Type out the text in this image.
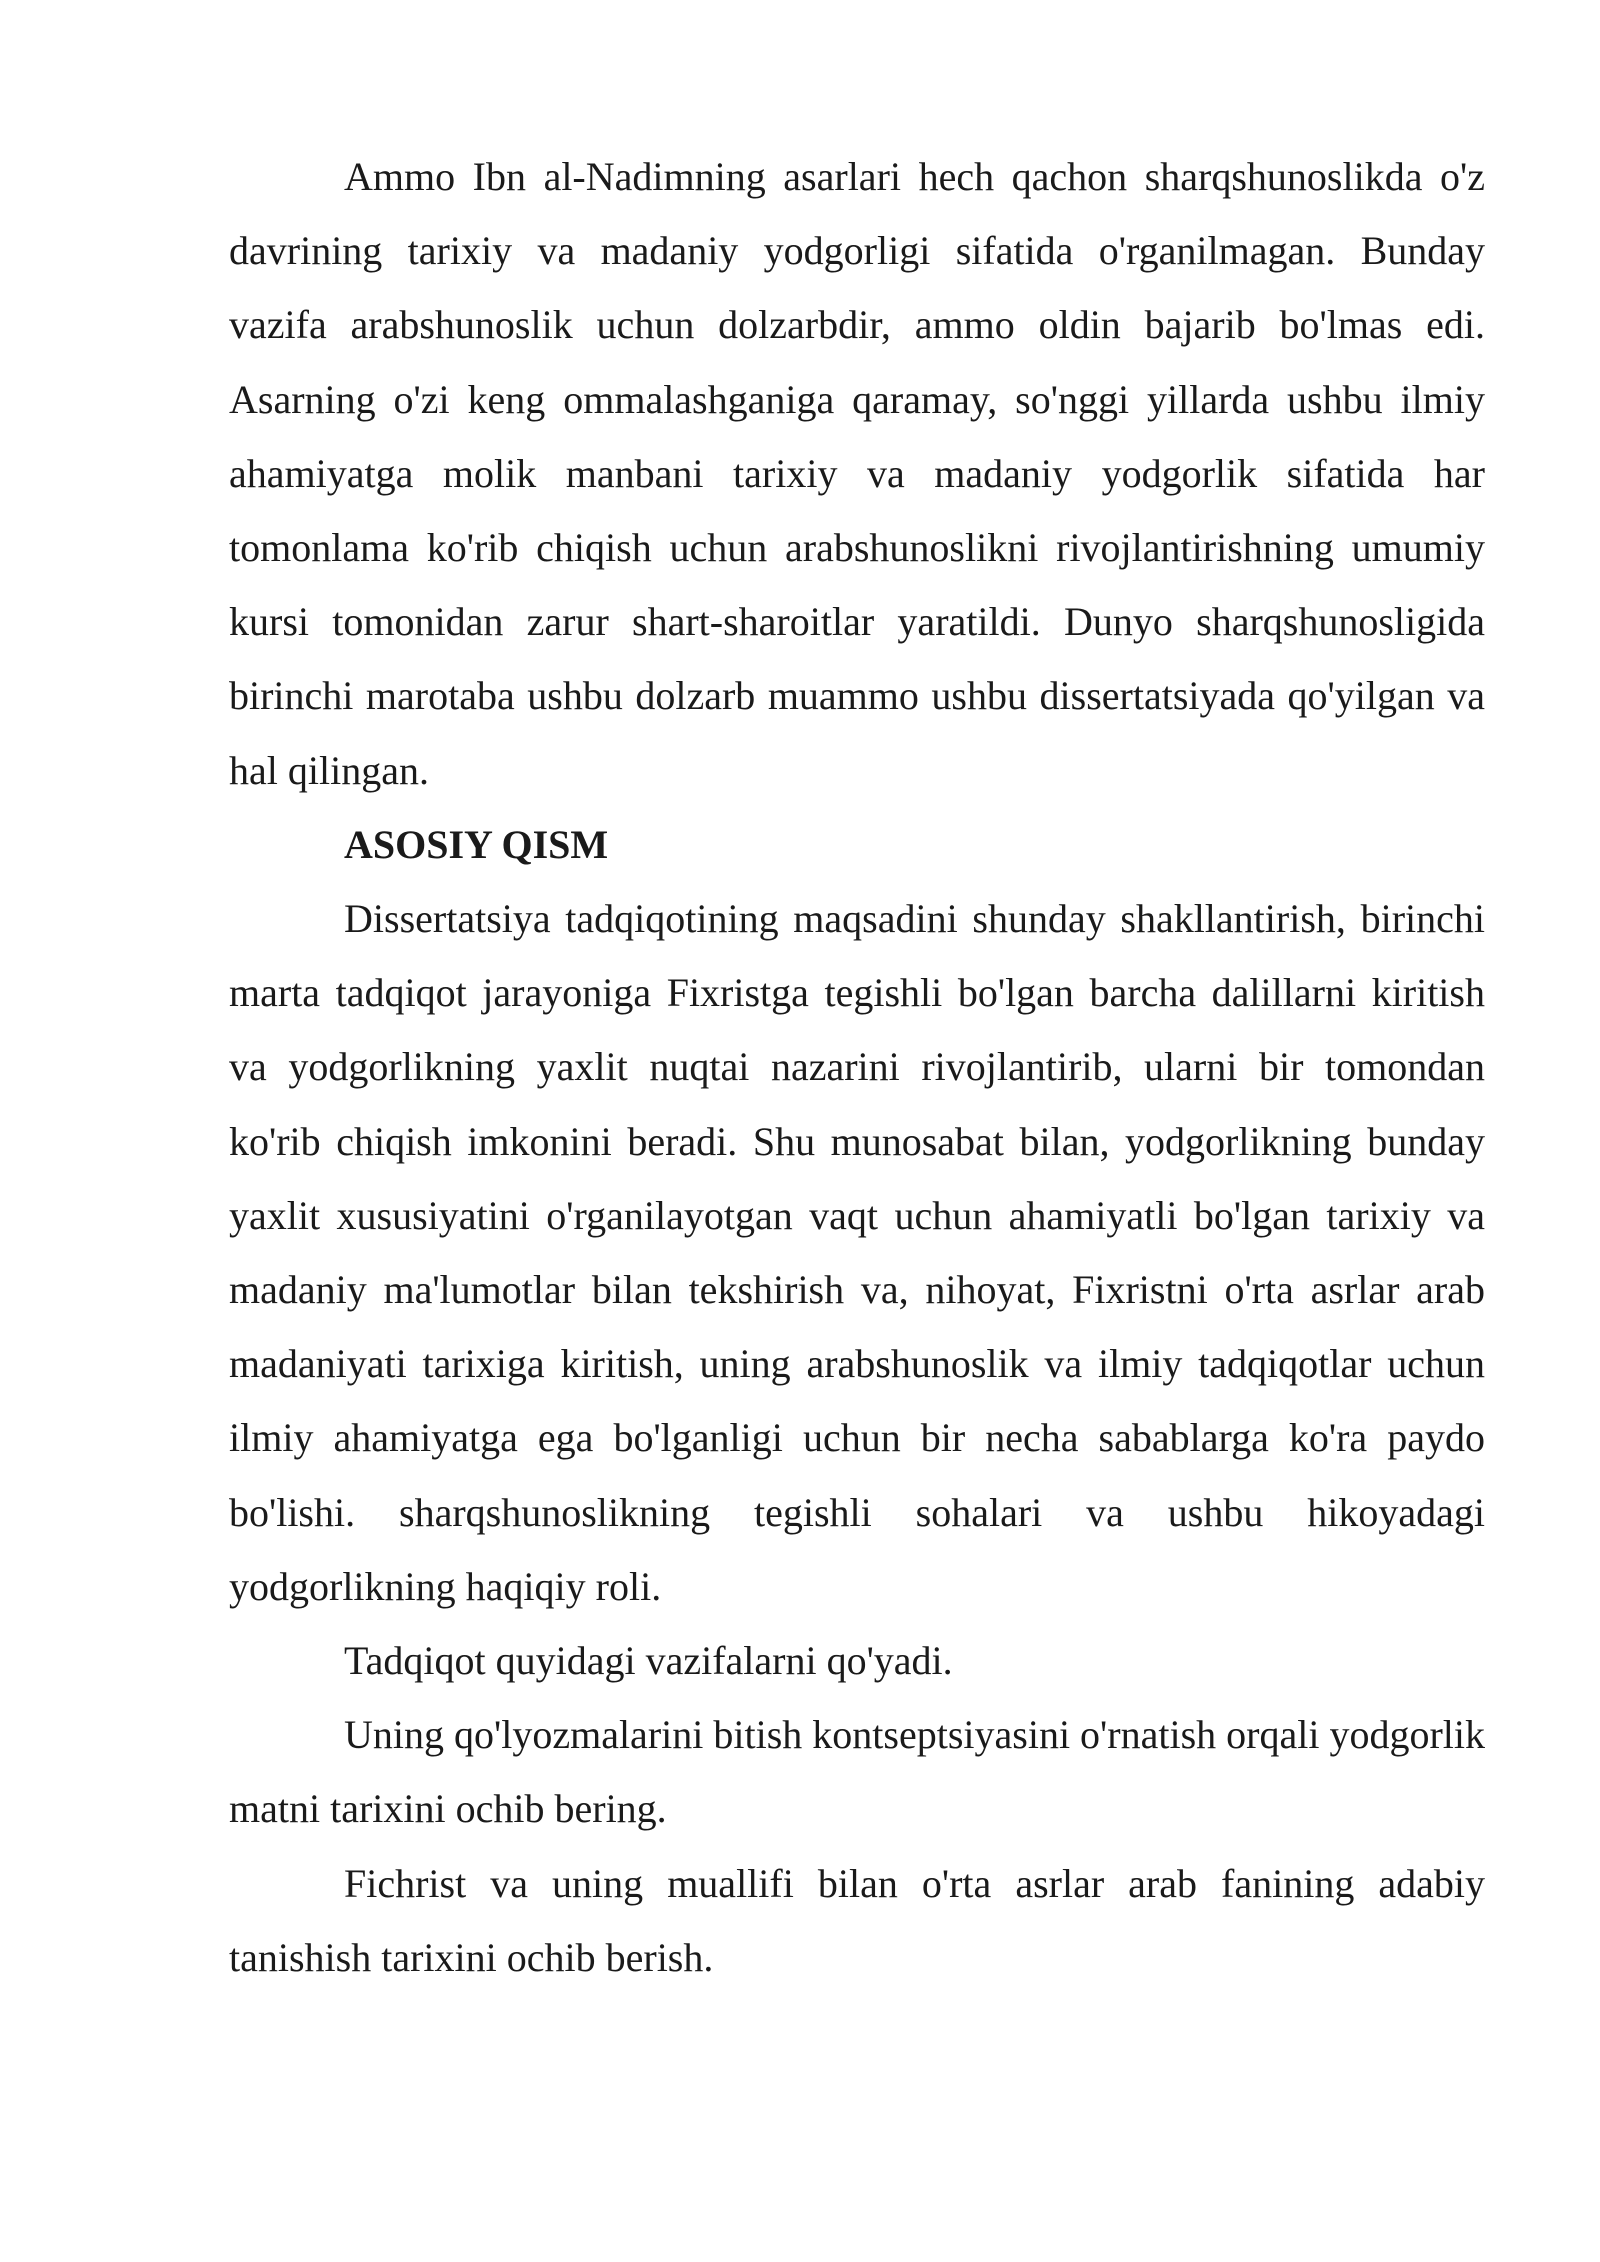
Ammo Ibn al-Nadimning asarlari hech qachon sharqshunoslikda o'z davrining tarixiy va madaniy yodgorligi sifatida o'rganilmagan. Bunday vazifa arabshunoslik uchun dolzarbdir, ammo oldin bajarib bo'lmas edi. Asarning o'zi keng ommalashganiga qaramay, so'nggi yillarda ushbu ilmiy ahamiyatga molik manbani tarixiy va madaniy yodgorlik sifatida har tomonlama ko'rib chiqish uchun arabshunoslikni rivojlantirishning umumiy kursi tomonidan zarur shart-sharoitlar yaratildi. Dunyo sharqshunosligida birinchi marotaba ushbu dolzarb muammo ushbu dissertatsiyada qo'yilgan va hal qilingan.

ASOSIY QISM

Dissertatsiya tadqiqotining maqsadini shunday shakllantirish, birinchi marta tadqiqot jarayoniga Fixristga tegishli bo'lgan barcha dalillarni kiritish va yodgorlikning yaxlit nuqtai nazarini rivojlantirib, ularni bir tomondan ko'rib chiqish imkonini beradi. Shu munosabat bilan, yodgorlikning bunday yaxlit xususiyatini o'rganilayotgan vaqt uchun ahamiyatli bo'lgan tarixiy va madaniy ma'lumotlar bilan tekshirish va, nihoyat, Fixristni o'rta asrlar arab madaniyati tarixiga kiritish, uning arabshunoslik va ilmiy tadqiqotlar uchun ilmiy ahamiyatga ega bo'lganligi uchun bir necha sabablarga ko'ra paydo bo'lishi. sharqshunoslikning tegishli sohalari va ushbu hikoyadagi yodgorlikning haqiqiy roli.

Tadqiqot quyidagi vazifalarni qo'yadi.

Uning qo'lyozmalarini bitish kontseptsiyasini o'rnatish orqali yodgorlik matni tarixini ochib bering.

Fichrist va uning muallifi bilan o'rta asrlar arab fanining adabiy tanishish tarixini ochib berish.
